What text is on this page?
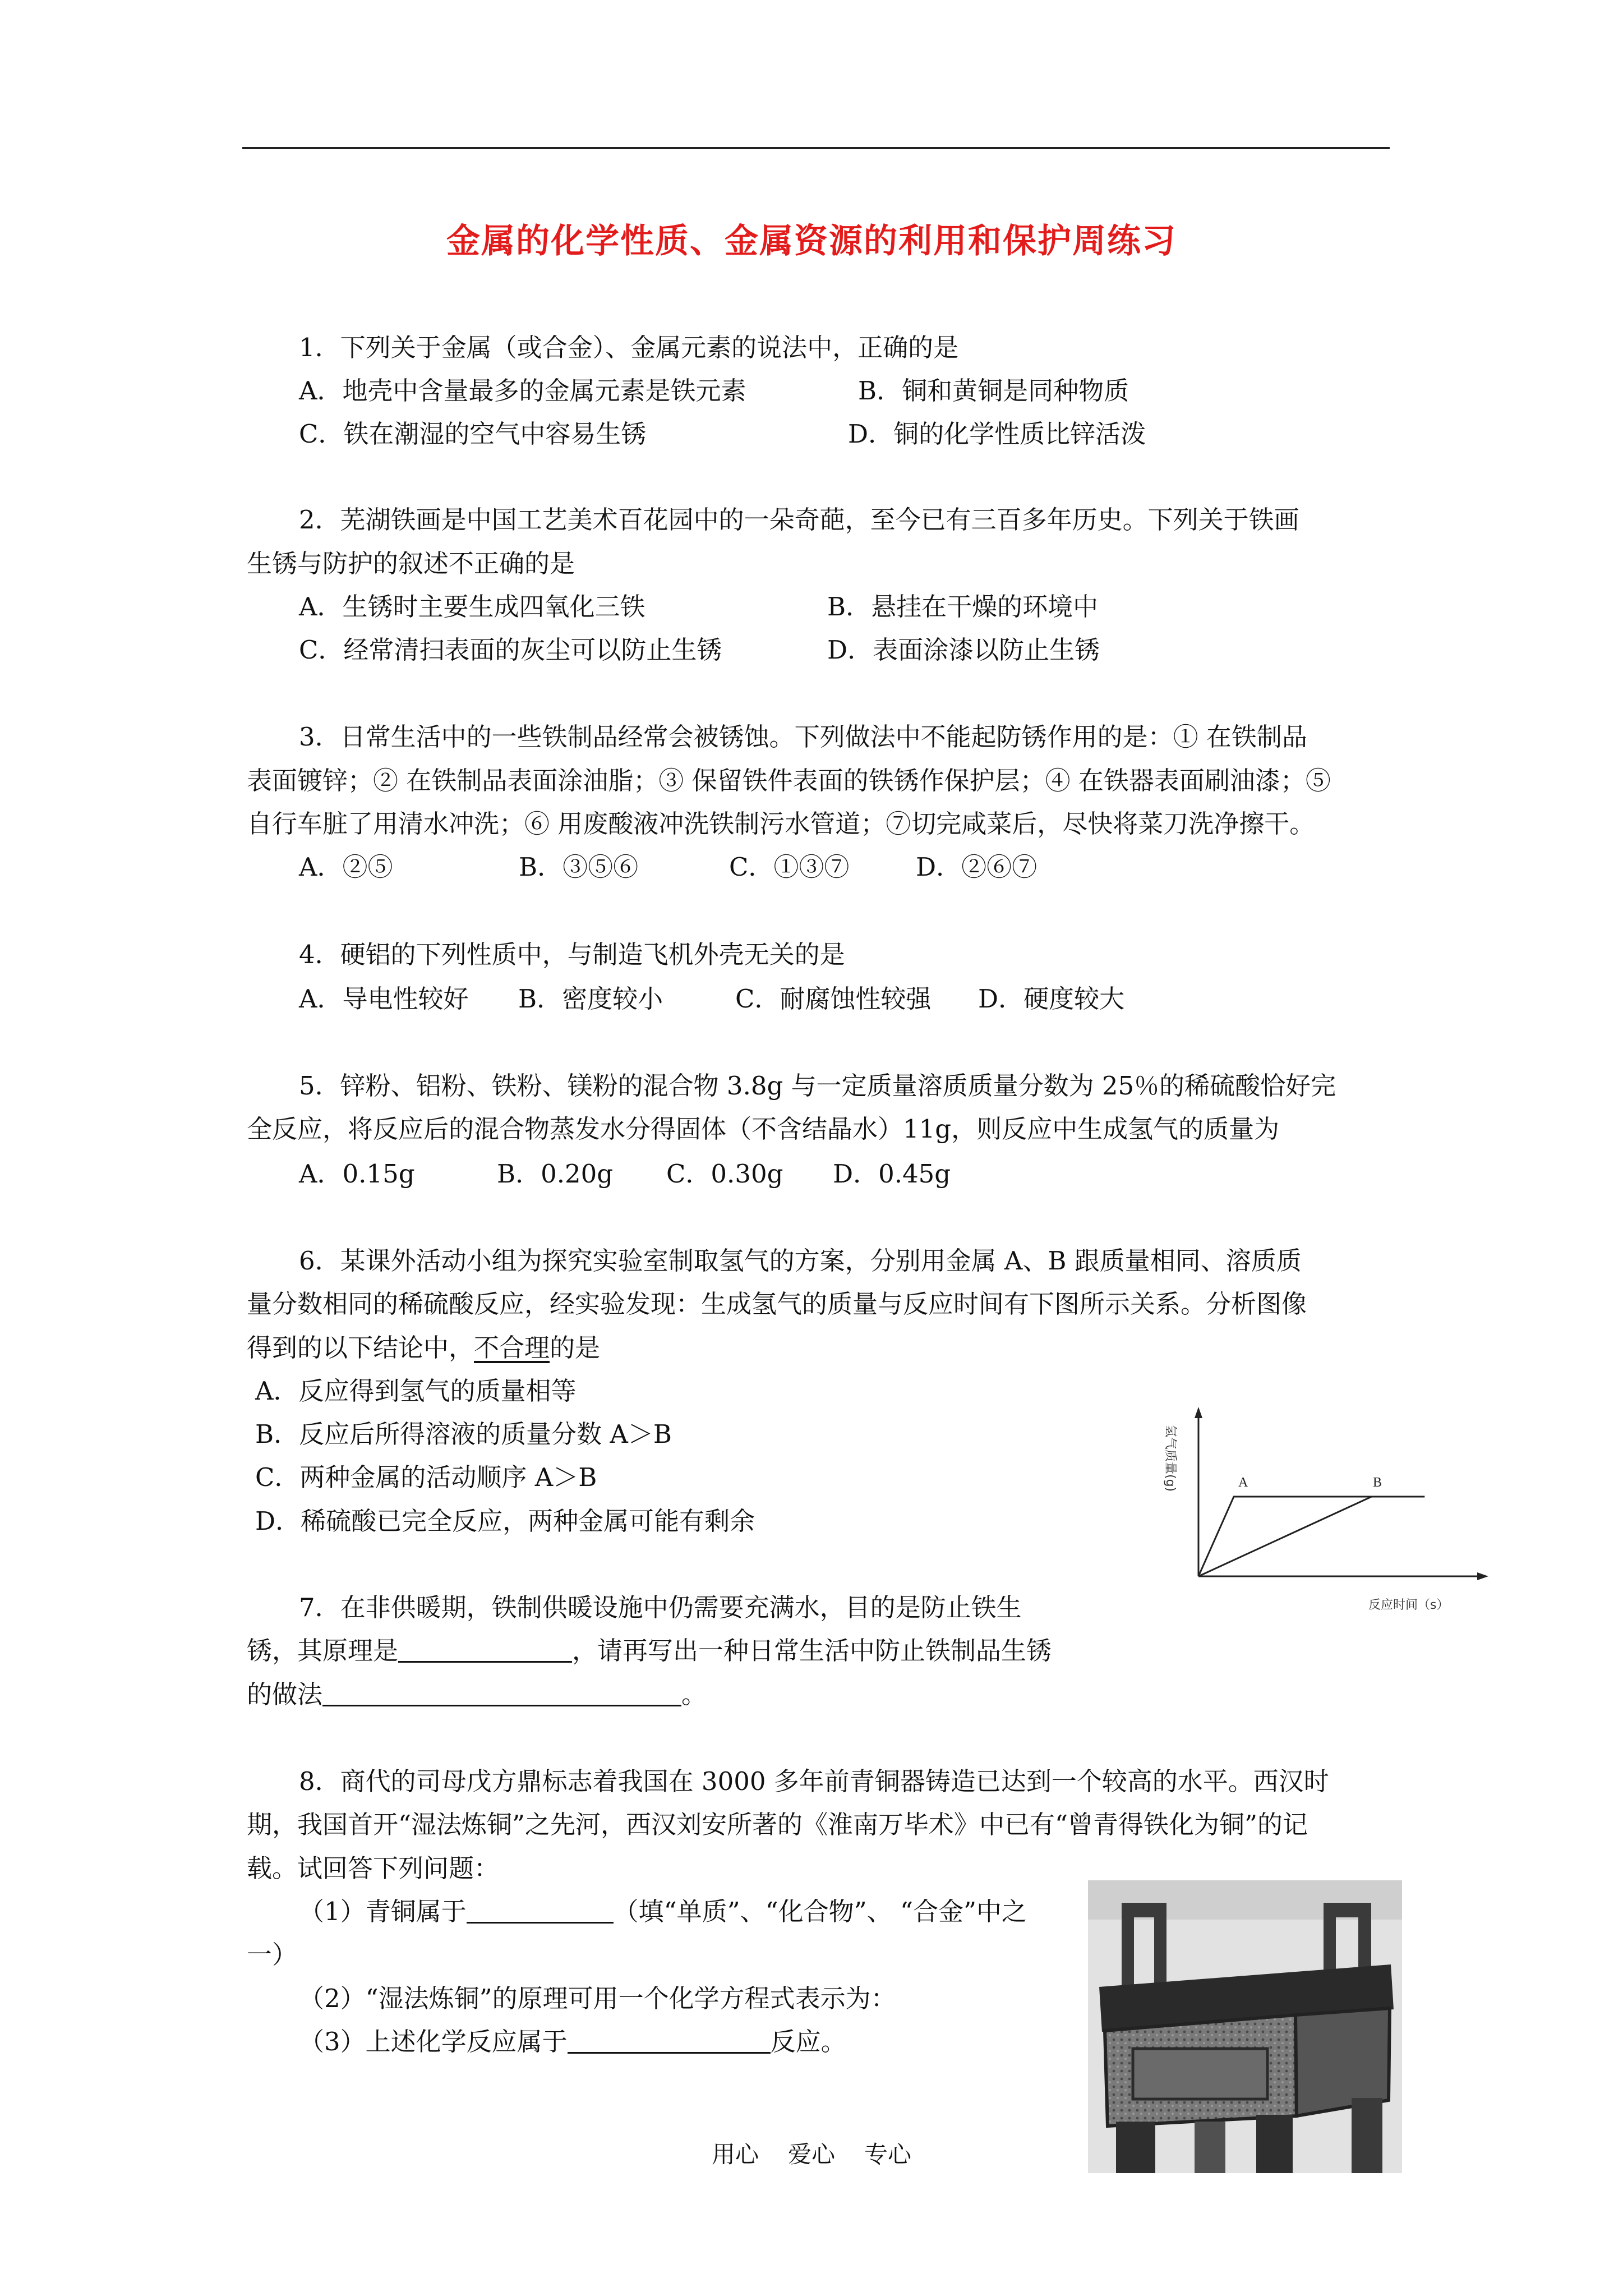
金属的化学性质、金属资源的利用和保护周练习
1．下列关于金属（或合金）、金属元素的说法中，正确的是
A．地壳中含量最多的金属元素是铁元素	B．铜和黄铜是同种物质
C．铁在潮湿的空气中容易生锈	D．铜的化学性质比锌活泼
2．芜湖铁画是中国工艺美术百花园中的一朵奇葩，至今已有三百多年历史。下列关于铁画
生锈与防护的叙述不正确的是
A．生锈时主要生成四氧化三铁	B．悬挂在干燥的环境中
C．经常清扫表面的灰尘可以防止生锈	D．表面涂漆以防止生锈
3．日常生活中的一些铁制品经常会被锈蚀。下列做法中不能起防锈作用的是：① 在铁制品
表面镀锌；② 在铁制品表面涂油脂；③ 保留铁件表面的铁锈作保护层；④ 在铁器表面刷油漆；⑤
自行车脏了用清水冲洗；⑥ 用废酸液冲洗铁制污水管道；⑦切完咸菜后，尽快将菜刀洗净擦干。
A．②⑤	B．③⑤⑥	C．①③⑦	D．②⑥⑦
4．硬铝的下列性质中，与制造飞机外壳无关的是
A．导电性较好 B．密度较小	C．耐腐蚀性较强 D．硬度较大
5．锌粉、铝粉、铁粉、镁粉的混合物 3.8g 与一定质量溶质质量分数为 25％的稀硫酸恰好完
全反应，将反应后的混合物蒸发水分得固体（不含结晶水）11g，则反应中生成氢气的质量为
A．0.15g	B．0.20g C．0.30g D．0.45g
6．某课外活动小组为探究实验室制取氢气的方案，分别用金属 A、B 跟质量相同、溶质质
量分数相同的稀硫酸反应，经实验发现：生成氢气的质量与反应时间有下图所示关系。分析图像
得到的以下结论中，不合理的是
A．反应得到氢气的质量相等
B．反应后所得溶液的质量分数 A＞B
C．两种金属的活动顺序 A＞B
D．稀硫酸已完全反应，两种金属可能有剩余
A	B
氢气质量(g)
反应时间（s）
7．在非供暖期，铁制供暖设施中仍需要充满水，目的是防止铁生
锈，其原理是	，请再写出一种日常生活中防止铁制品生锈
的做法	。
8．商代的司母戊方鼎标志着我国在 3000 多年前青铜器铸造已达到一个较高的水平。西汉时
期，我国首开“湿法炼铜”之先河，西汉刘安所著的《淮南万毕术》中已有“曾青得铁化为铜”的记
载。试回答下列问题：
（1）青铜属于	（填“单质”、“化合物”、 “合金”中之
一）
（2）“湿法炼铜”的原理可用一个化学方程式表示为：
（3）上述化学反应属于	反应。
用心 爱心 专心
